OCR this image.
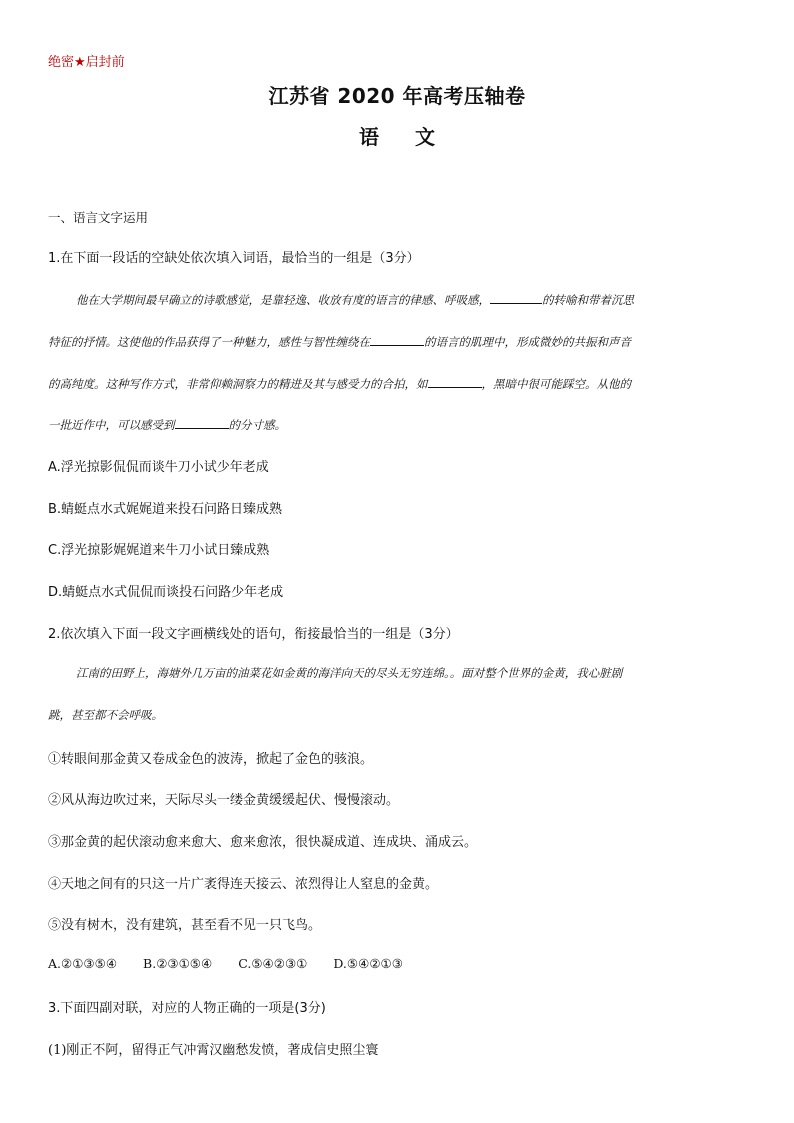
绝密★启封前
江苏省 2020 年高考压轴卷
语 文
一、语言文字运用
1.在下面一段话的空缺处依次填入词语，最恰当的一组是（3分）
他在大学期间最早确立的诗歌感觉，是靠轻逸、收放有度的语言的律感、呼吸感，	的转喻和带着沉思
特征的抒情。这使他的作品获得了一种魅力，感性与智性缠绕在	的语言的肌理中，形成微妙的共振和声音
的高纯度。这种写作方式，非常仰赖洞察力的精进及其与感受力的合拍，如	，黑暗中很可能踩空。从他的
一批近作中，可以感受到	的分寸感。
A.浮光掠影侃侃而谈牛刀小试少年老成
B.蜻蜓点水式娓娓道来投石问路日臻成熟
C.浮光掠影娓娓道来牛刀小试日臻成熟
D.蜻蜓点水式侃侃而谈投石问路少年老成
2.依次填入下面一段文字画横线处的语句，衔接最恰当的一组是（3分）
江南的田野上，海塘外几万亩的油菜花如金黄的海洋向天的尽头无穷连绵。。面对整个世界的金黄，我心脏剧
跳，甚至都不会呼吸。
①转眼间那金黄又卷成金色的波涛，掀起了金色的骇浪。
②风从海边吹过来，天际尽头一缕金黄缓缓起伏、慢慢滚动。
③那金黄的起伏滚动愈来愈大、愈来愈浓，很快凝成道、连成块、涌成云。
④天地之间有的只这一片广袤得连天接云、浓烈得让人窒息的金黄。
⑤没有树木，没有建筑，甚至看不见一只飞鸟。
A.②①③⑤④ B.②③①⑤④ C.⑤④②③① D.⑤④②①③
3.下面四副对联，对应的人物正确的一项是(3分)
(1)刚正不阿，留得正气冲霄汉幽愁发愤，著成信史照尘寰
